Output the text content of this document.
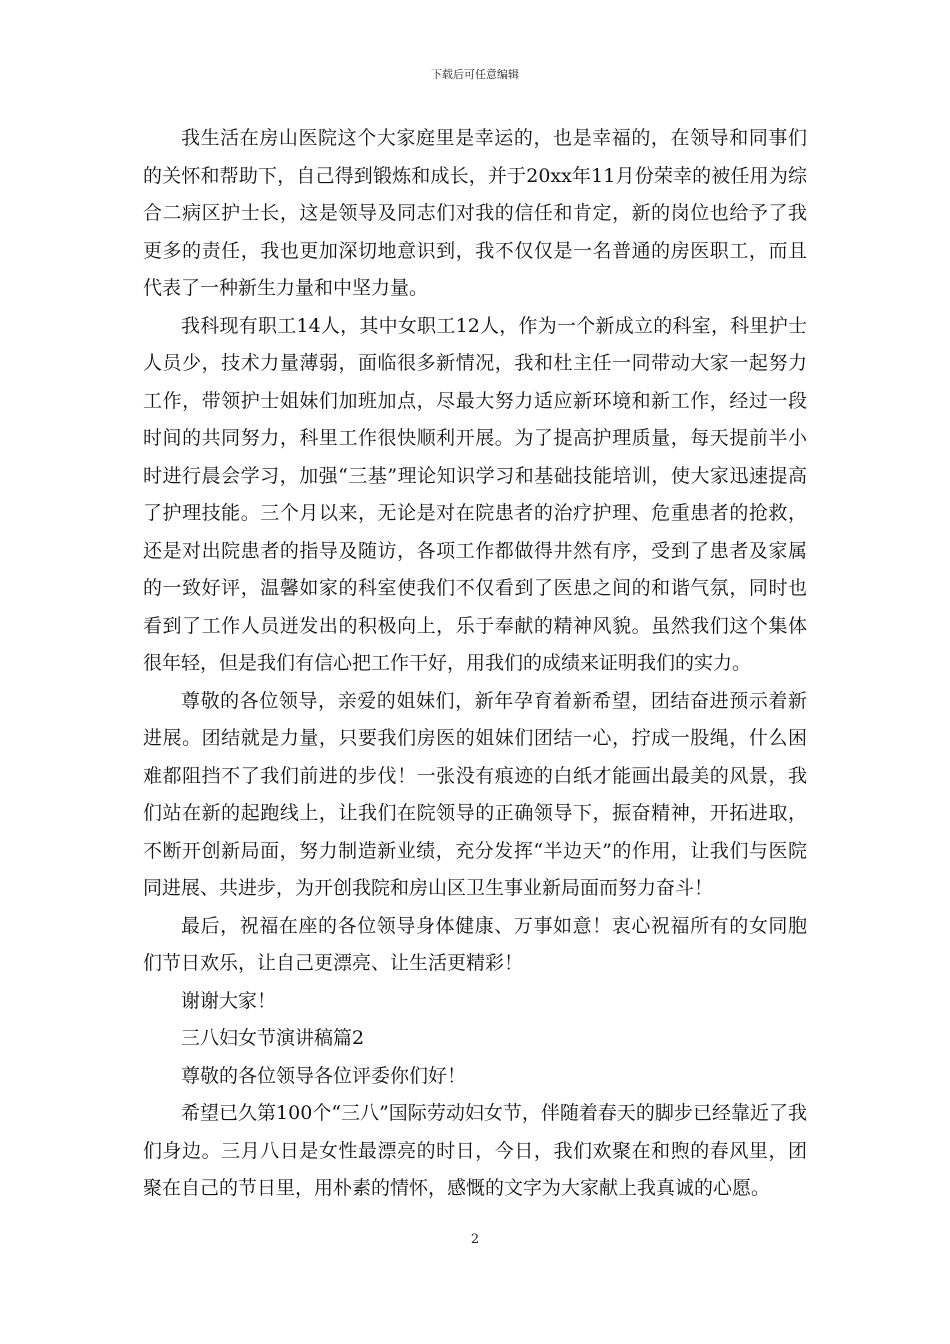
下载后可任意编辑

我生活在房山医院这个大家庭里是幸运的，也是幸福的，在领导和同事们的关怀和帮助下，自己得到锻炼和成长，并于20xx年11月份荣幸的被任用为综合二病区护士长，这是领导及同志们对我的信任和肯定，新的岗位也给予了我更多的责任，我也更加深切地意识到，我不仅仅是一名普通的房医职工，而且代表了一种新生力量和中坚力量。

我科现有职工14人，其中女职工12人，作为一个新成立的科室，科里护士人员少，技术力量薄弱，面临很多新情况，我和杜主任一同带动大家一起努力工作，带领护士姐妹们加班加点，尽最大努力适应新环境和新工作，经过一段时间的共同努力，科里工作很快顺利开展。为了提高护理质量，每天提前半小时进行晨会学习，加强“三基”理论知识学习和基础技能培训，使大家迅速提高了护理技能。三个月以来，无论是对在院患者的治疗护理、危重患者的抢救，还是对出院患者的指导及随访，各项工作都做得井然有序，受到了患者及家属的一致好评，温馨如家的科室使我们不仅看到了医患之间的和谐气氛，同时也看到了工作人员迸发出的积极向上，乐于奉献的精神风貌。虽然我们这个集体很年轻，但是我们有信心把工作干好，用我们的成绩来证明我们的实力。

尊敬的各位领导，亲爱的姐妹们，新年孕育着新希望，团结奋进预示着新进展。团结就是力量，只要我们房医的姐妹们团结一心，拧成一股绳，什么困难都阻挡不了我们前进的步伐！一张没有痕迹的白纸才能画出最美的风景，我们站在新的起跑线上，让我们在院领导的正确领导下，振奋精神，开拓进取，不断开创新局面，努力制造新业绩，充分发挥“半边天”的作用，让我们与医院同进展、共进步，为开创我院和房山区卫生事业新局面而努力奋斗！

最后，祝福在座的各位领导身体健康、万事如意！衷心祝福所有的女同胞们节日欢乐，让自己更漂亮、让生活更精彩！

谢谢大家！

三八妇女节演讲稿篇2

尊敬的各位领导各位评委你们好！

希望已久第100个“三八”国际劳动妇女节，伴随着春天的脚步已经靠近了我们身边。三月八日是女性最漂亮的时日，今日，我们欢聚在和煦的春风里，团聚在自己的节日里，用朴素的情怀，感慨的文字为大家献上我真诚的心愿。

2
